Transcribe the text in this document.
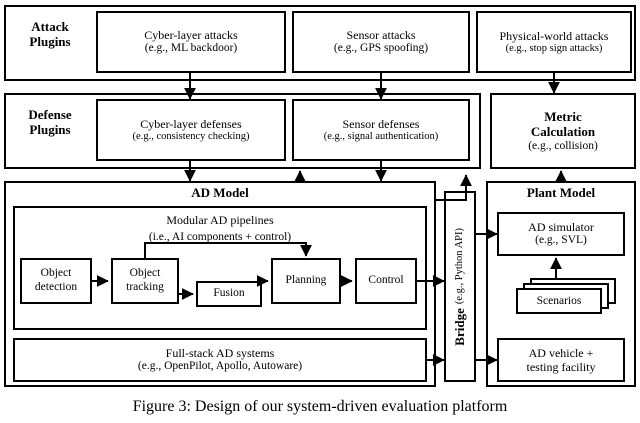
Attack
Plugins	Cyber-layer attacks
(e.g., ML backdoor)
Sensor attacks
(e.g., GPS spoofing)
Physical-world attacks
(e.g., stop sign attacks)
Defense
Plugins	Cyber-layer defenses
(e.g., consistency checking)
Sensor defenses
(e.g., signal authentication)
Metric
Calculation
(e.g., collision)
AD Model
Modular AD pipelines
(i.e., AI components + control)
Object
detection
Object
tracking
Fusion
Planning	Control
Full-stack AD systems
(e.g., OpenPilot, Apollo, Autoware)
Bridge (e.g., Python API)
Plant Model
AD simulator
(e.g., SVL)
Scenarios
AD vehicle +
testing facility
Figure 3: Design of our system-driven evaluation platform
